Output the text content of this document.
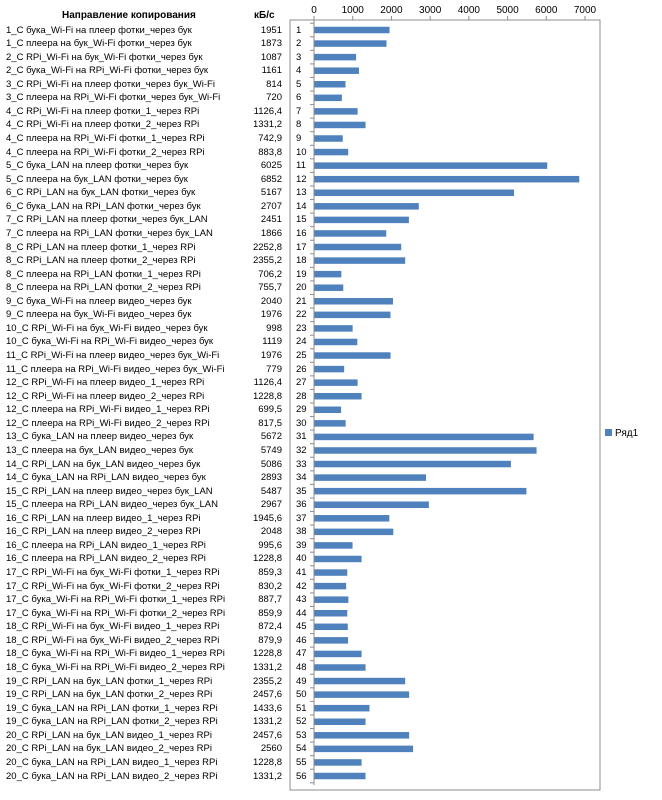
Направление копирования	кБ/с
1_С бука_Wi-Fi на плеер фотки_через бук	1951 1
1_С плеера на бук_Wi-Fi фотки_через бук	1873 2
2_С RPi_Wi-Fi на бук_Wi-Fi фотки_через бук	1087 3
2_С бука_Wi-Fi на RPi_Wi-Fi фотки_через бук	1161 4
3_С RPi_Wi-Fi на плеер фотки_через бук_Wi-Fi	814 5
3_С плеера на RPi_Wi-Fi фотки_через бук_Wi-Fi	720 6
4_С RPi_Wi-Fi на плеер фотки_1_через RPi	1126,4 7
4_С RPi_Wi-Fi на плеер фотки_2_через RPi	1331,2 8
4_С плеера на RPi_Wi-Fi фотки_1_через RPi	742,9 9
4_С плеера на RPi_Wi-Fi фотки_2_через RPi	883,8 10
5_С бука_LAN на плеер фотки_через бук	6025 11
5_С плеера на бук_LAN фотки_через бук	6852 12
6_С RPi_LAN на бук_LAN фотки_через бук	5167 13
6_С бука_LAN на RPi_LAN фотки_через бук	2707 14
7_С RPi_LAN на плеер фотки_через бук_LAN	2451 15
7_С плеера на RPi_LAN фотки_через бук_LAN	1866 16
8_С RPi_LAN на плеер фотки_1_через RPi	2252,8 17
8_С RPi_LAN на плеер фотки_2_через RPi	2355,2 18
8_С плеера на RPi_LAN фотки_1_через RPi	706,2 19
8_С плеера на RPi_LAN фотки_2_через RPi	755,7 20
9_С бука_Wi-Fi на плеер видео_через бук	2040 21
9_С плеера на бук_Wi-Fi видео_через бук	1976 22
10_С RPi_Wi-Fi на бук_Wi-Fi видео_через бук	998 23
10_С бука_Wi-Fi на RPi_Wi-Fi видео_через бук	1119 24
11_С RPi_Wi-Fi на плеер видео_через бук_Wi-Fi	1976 25
11_С плеера на RPi_Wi-Fi видео_через бук_Wi-Fi	779 26
12_С RPi_Wi-Fi на плеер видео_1_через RPi	1126,4 27
12_С RPi_Wi-Fi на плеер видео_2_через RPi	1228,8 28
12_С плеера на RPi_Wi-Fi видео_1_через RPi	699,5 29
12_С плеера на RPi_Wi-Fi видео_2_через RPi	817,5 30
13_С бука_LAN на плеер видео_через бук	5672 31
13_С плеера на бук_LAN видео_через бук	5749 32
14_С RPi_LAN на бук_LAN видео_через бук	5086 33
14_С бука_LAN на RPi_LAN видео_через бук	2893 34
15_С RPi_LAN на плеер видео_через бук_LAN	5487 35
15_С плеера на RPi_LAN видео_через бук_LAN	2967 36
16_С RPi_LAN на плеер видео_1_через RPi	1945,6 37
16_С RPi_LAN на плеер видео_2_через RPi	2048 38
16_С плеера на RPi_LAN видео_1_через RPi	995,6 39
16_С плеера на RPi_LAN видео_2_через RPi	1228,8 40
17_С RPi_Wi-Fi на бук_Wi-Fi фотки_1_через RPi	859,3 41
17_С RPi_Wi-Fi на бук_Wi-Fi фотки_2_через RPi	830,2 42
17_С бука_Wi-Fi на RPi_Wi-Fi фотки_1_через RPi	887,7 43
17_С бука_Wi-Fi на RPi_Wi-Fi фотки_2_через RPi	859,9 44
18_С RPi_Wi-Fi на бук_Wi-Fi видео_1_через RPi	872,4 45
18_С RPi_Wi-Fi на бук_Wi-Fi видео_2_через RPi	879,9 46
18_С бука_Wi-Fi на RPi_Wi-Fi видео_1_через RPi	1228,8 47
18_С бука_Wi-Fi на RPi_Wi-Fi видео_2_через RPi	1331,2 48
19_С RPi_LAN на бук_LAN фотки_1_через RPi	2355,2 49
19_С RPi_LAN на бук_LAN фотки_2_через RPi	2457,6 50
19_С бука_LAN на RPi_LAN фотки_1_через RPi	1433,6 51
19_С бука_LAN на RPi_LAN фотки_2_через RPi	1331,2 52
20_С RPi_LAN на бук_LAN видео_1_через RPi	2457,6 53
20_С RPi_LAN на бук_LAN видео_2_через RPi	2560 54
20_С бука_LAN на RPi_LAN видео_1_через RPi	1228,8 55
20_С бука_LAN на RPi_LAN видео_2_через RPi	1331,2 56
0 1000 2000 3000 4000 5000 6000 7000
Ряд1
